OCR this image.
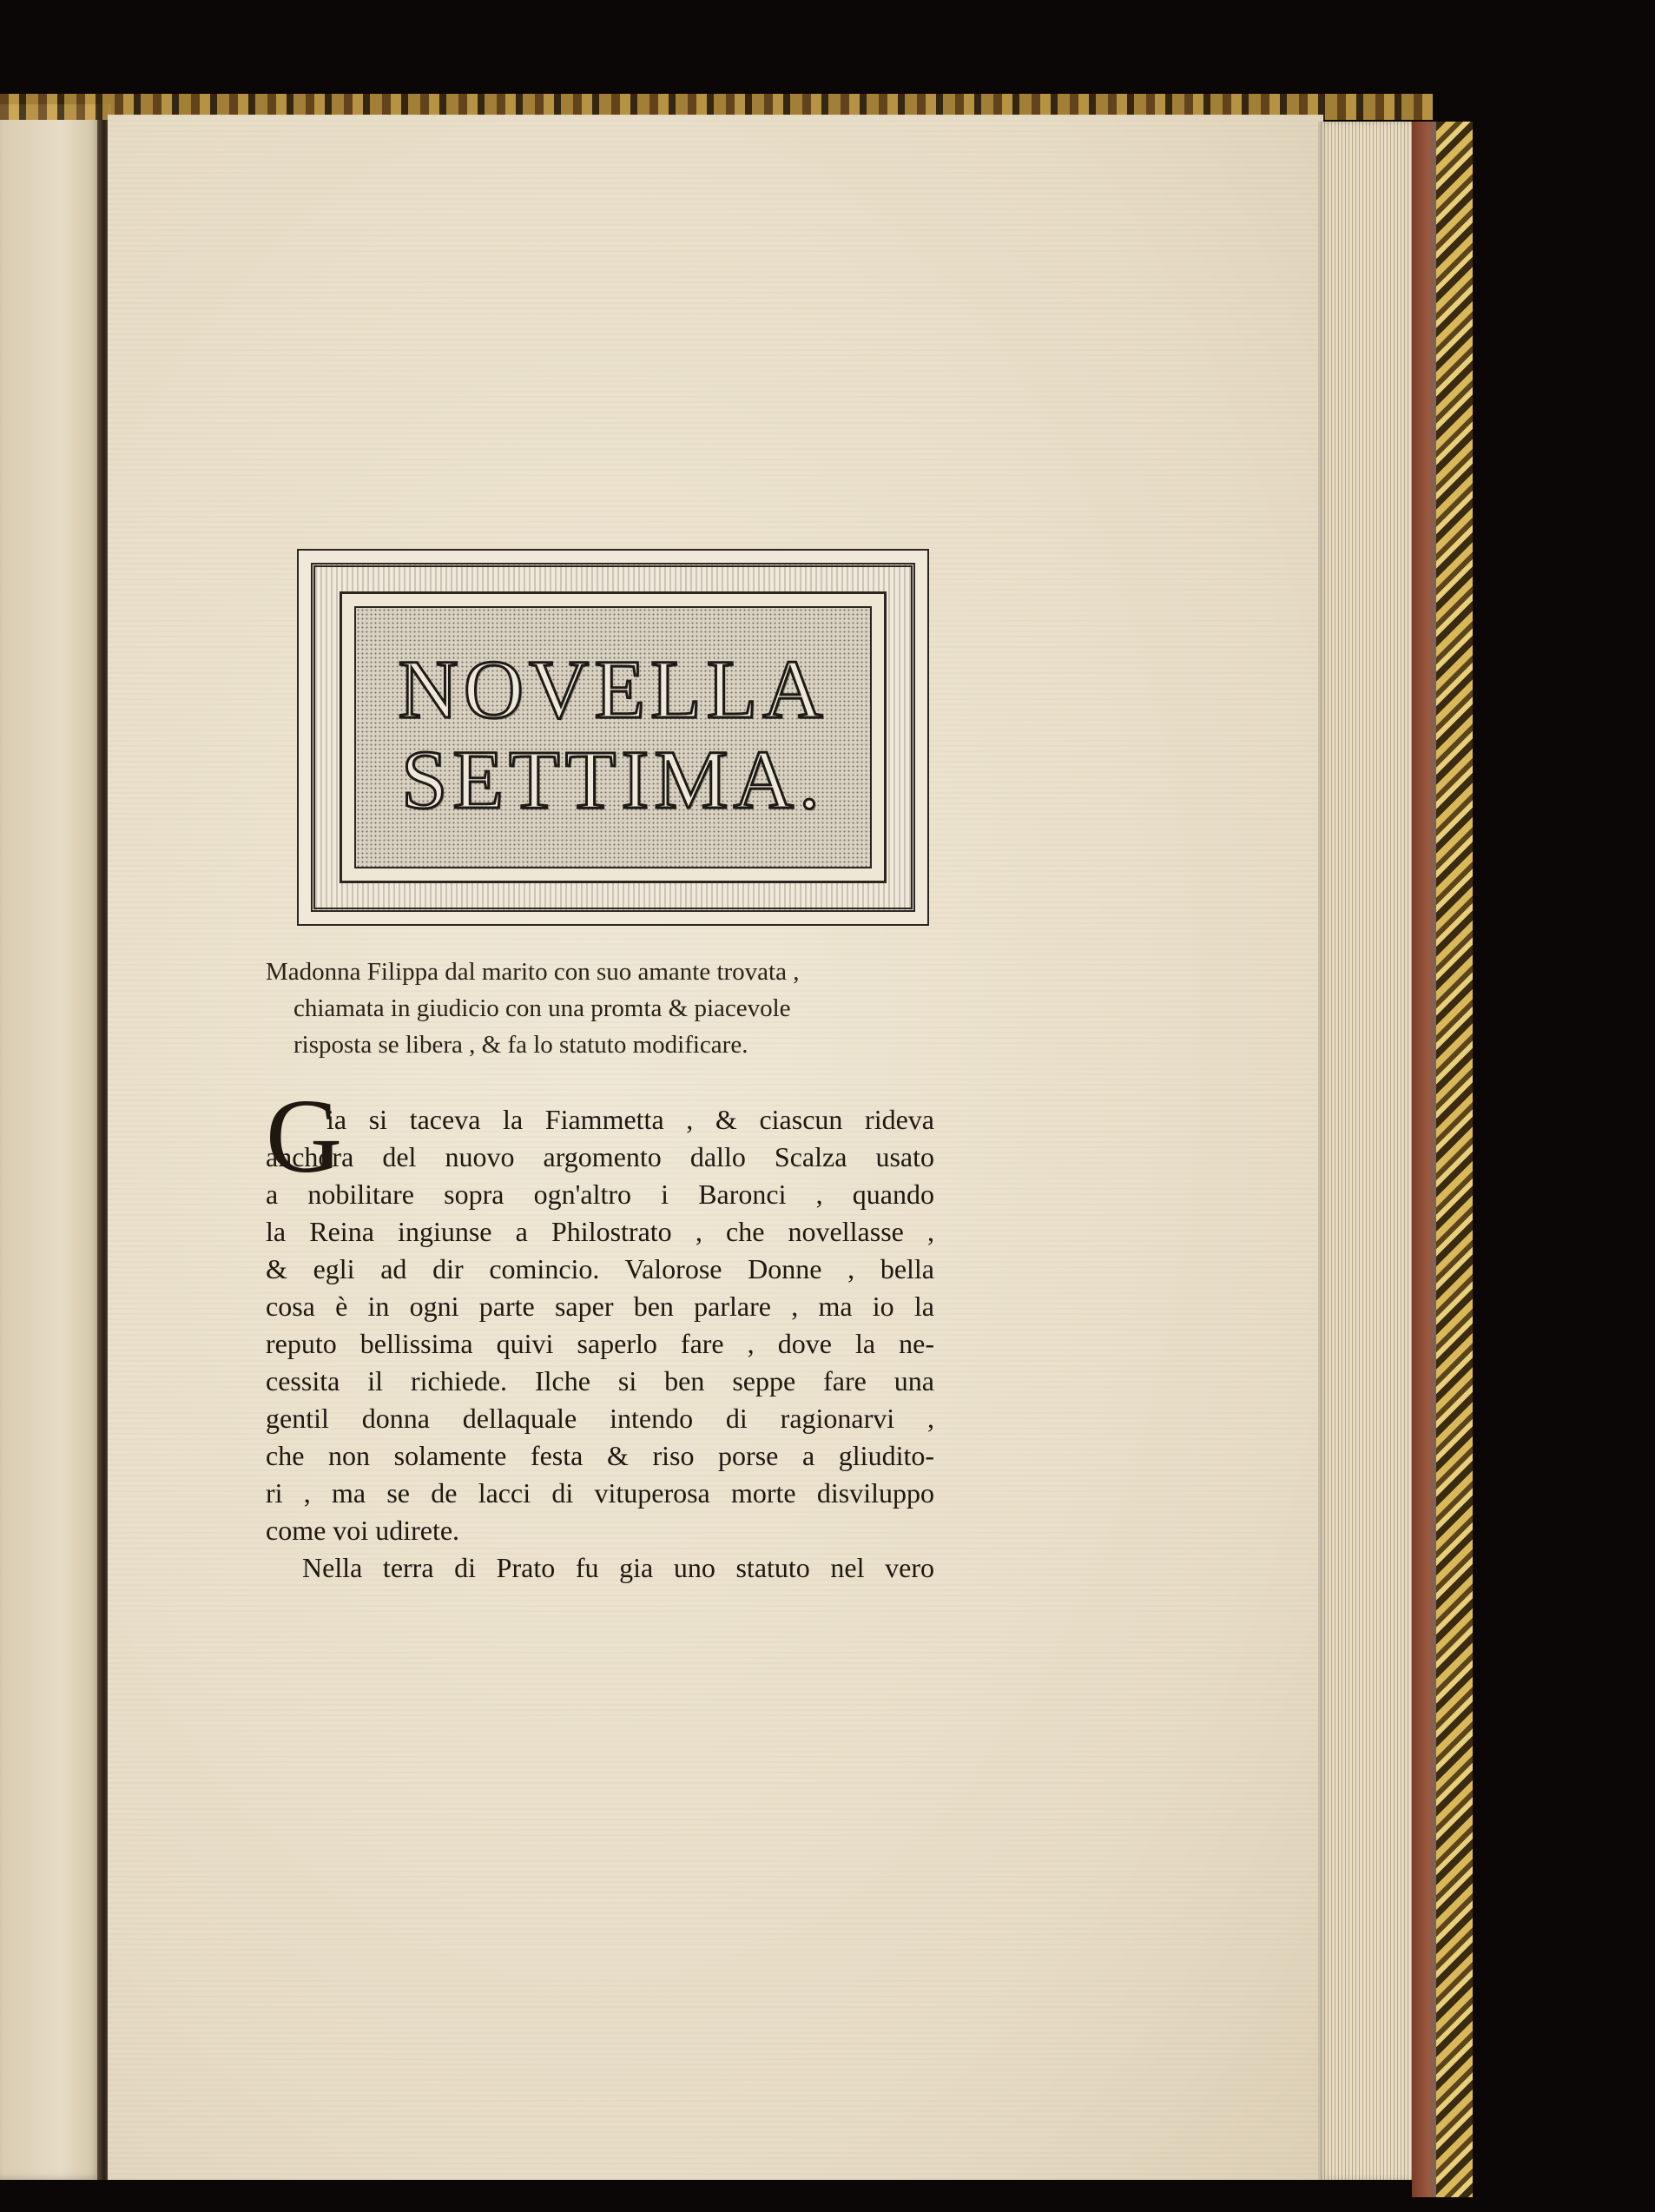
NOVELLA
SETTIMA.
Madonna Filippa dal marito con suo amante trovata ,
chiamata in giudicio con una promta & piacevole
risposta se libera , & fa lo statuto modificare.
G
ia si taceva la Fiammetta , & ciascun rideva
anchora del nuovo argomento dallo Scalza usato
a nobilitare sopra ogn'altro i Baronci , quando
la Reina ingiunse a Philostrato , che novellasse ,
& egli ad dir comincio. Valorose Donne , bella
cosa è in ogni parte saper ben parlare , ma io la
reputo bellissima quivi saperlo fare , dove la ne-
cessita il richiede. Ilche si ben seppe fare una
gentil donna dellaquale intendo di ragionarvi ,
che non solamente festa & riso porse a gliudito-
ri , ma se de lacci di vituperosa morte disviluppo
come voi udirete.
Nella terra di Prato fu gia uno statuto nel vero
